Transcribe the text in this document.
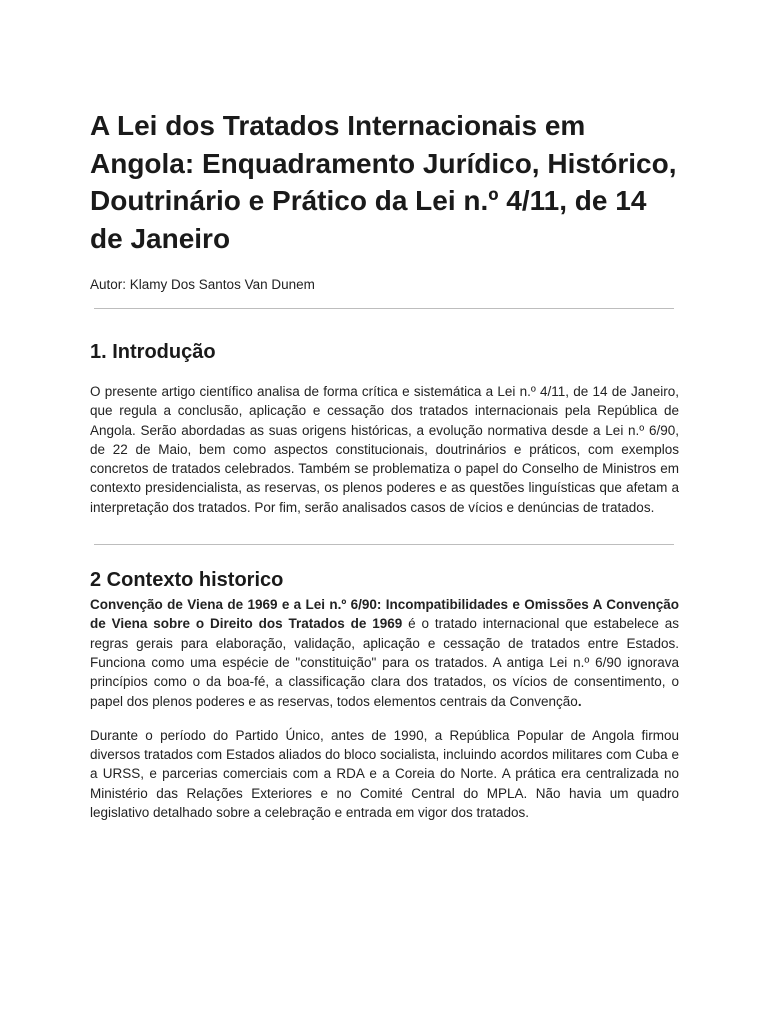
A Lei dos Tratados Internacionais em Angola: Enquadramento Jurídico, Histórico, Doutrinário e Prático da Lei n.º 4/11, de 14 de Janeiro
Autor: Klamy Dos Santos Van Dunem
1. Introdução

O presente artigo científico analisa de forma crítica e sistemática a Lei n.º 4/11, de 14 de Janeiro, que regula a conclusão, aplicação e cessação dos tratados internacionais pela República de Angola. Serão abordadas as suas origens históricas, a evolução normativa desde a Lei n.º 6/90, de 22 de Maio, bem como aspectos constitucionais, doutrinários e práticos, com exemplos concretos de tratados celebrados. Também se problematiza o papel do Conselho de Ministros em contexto presidencialista, as reservas, os plenos poderes e as questões linguísticas que afetam a interpretação dos tratados. Por fim, serão analisados casos de vícios e denúncias de tratados.

2 Contexto historico

Convenção de Viena de 1969 e a Lei n.º 6/90: Incompatibilidades e Omissões A Convenção de Viena sobre o Direito dos Tratados de 1969 é o tratado internacional que estabelece as regras gerais para elaboração, validação, aplicação e cessação de tratados entre Estados. Funciona como uma espécie de "constituição" para os tratados. A antiga Lei n.º 6/90 ignorava princípios como o da boa-fé, a classificação clara dos tratados, os vícios de consentimento, o papel dos plenos poderes e as reservas, todos elementos centrais da Convenção.

Durante o período do Partido Único, antes de 1990, a República Popular de Angola firmou diversos tratados com Estados aliados do bloco socialista, incluindo acordos militares com Cuba e a URSS, e parcerias comerciais com a RDA e a Coreia do Norte. A prática era centralizada no Ministério das Relações Exteriores e no Comité Central do MPLA. Não havia um quadro legislativo detalhado sobre a celebração e entrada em vigor dos tratados.
